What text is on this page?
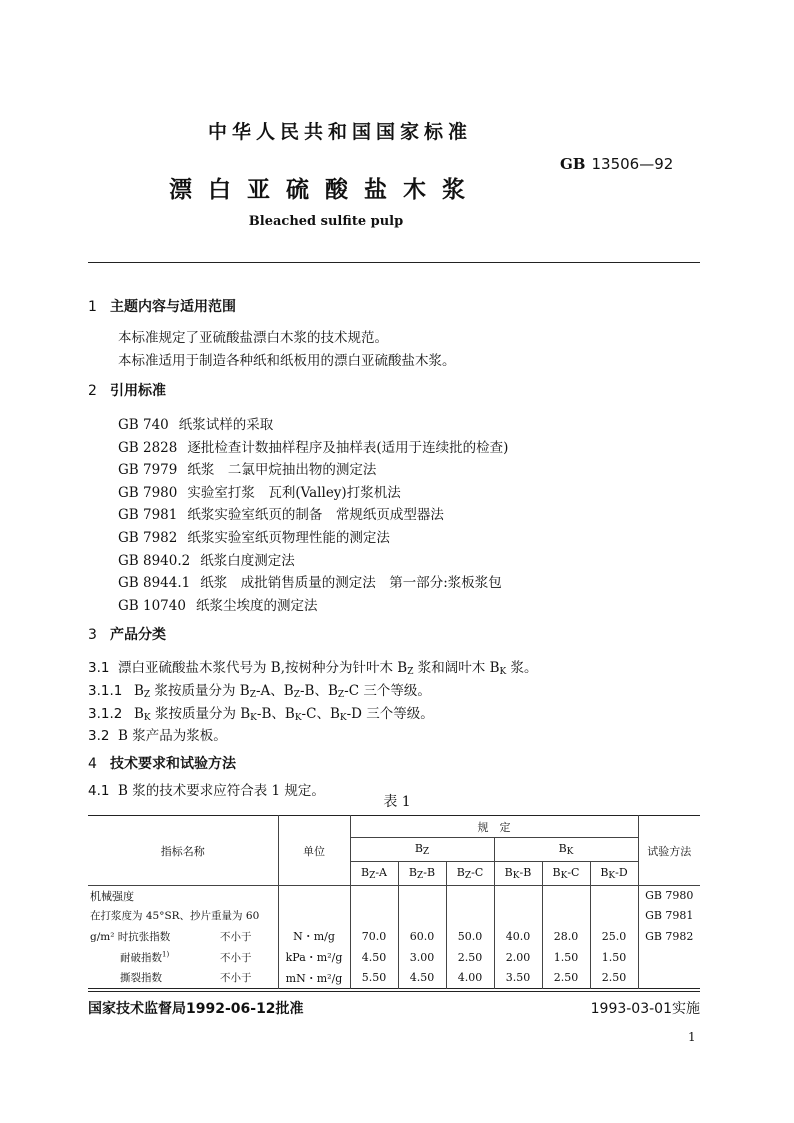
中华人民共和国国家标准
GB 13506—92
漂白亚硫酸盐木浆
Bleached sulfite pulp
1 主题内容与适用范围
本标准规定了亚硫酸盐漂白木浆的技术规范。
本标准适用于制造各种纸和纸板用的漂白亚硫酸盐木浆。
2 引用标准
GB 740 纸浆试样的采取
GB 2828 逐批检查计数抽样程序及抽样表(适用于连续批的检查)
GB 7979 纸浆　二氯甲烷抽出物的测定法
GB 7980 实验室打浆　瓦利(Valley)打浆机法
GB 7981 纸浆实验室纸页的制备　常规纸页成型器法
GB 7982 纸浆实验室纸页物理性能的测定法
GB 8940.2 纸浆白度测定法
GB 8944.1 纸浆　成批销售质量的测定法　第一部分:浆板浆包
GB 10740 纸浆尘埃度的测定法
3 产品分类
3.1 漂白亚硫酸盐木浆代号为 B,按树种分为针叶木 $B_Z$ 浆和阔叶木 $B_K$ 浆。
3.1.1 $B_Z$ 浆按质量分为 $B_Z-A$、$B_Z-B$、$B_Z-C$ 三个等级。
3.1.2 $B_K$ 浆按质量分为 $B_K-B$、$B_K-C$、$B_K-D$ 三个等级。
3.2 B 浆产品为浆板。
4 技术要求和试验方法
4.1 B 浆的技术要求应符合表 1 规定。
表 1
指标名称	单位	规　定						试验方法
		$B_Z$			$B_K$
		$B_Z-A$	$B_Z-B$	$B_Z-C$	$B_K-B$	$B_K-C$	$B_K-D$	
机械强度								GB 7980
在打浆度为 45°SR、抄片重量为 60								GB 7981
g/m² 时抗张指数 不小于	N・m/g	70.0	60.0	50.0	40.0	28.0	25.0	GB 7982
耐破指数$^{1)}$ 不小于	kPa・m²/g	4.50	3.00	2.50	2.00	1.50	1.50	
撕裂指数 不小于	mN・m²/g	5.50	4.50	4.00	3.50	2.50	2.50	
国家技术监督局1992-06-12批准	1993-03-01实施
1
